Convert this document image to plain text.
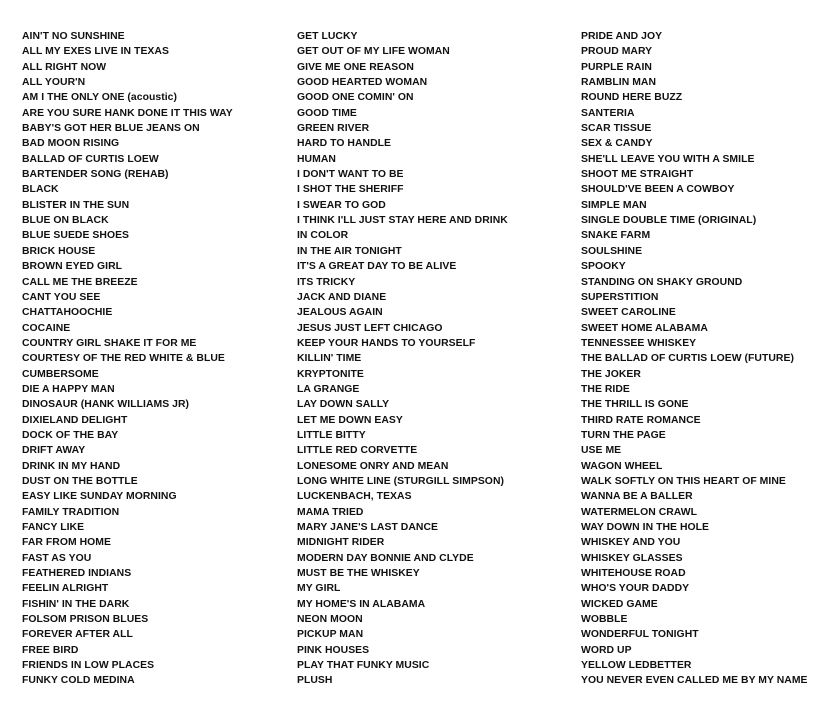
AIN'T NO SUNSHINE
ALL MY EXES LIVE IN TEXAS
ALL RIGHT NOW
ALL YOUR'N
AM I THE ONLY ONE (acoustic)
ARE YOU SURE HANK DONE IT THIS WAY
BABY'S GOT HER BLUE JEANS ON
BAD MOON RISING
BALLAD OF CURTIS LOEW
BARTENDER SONG (REHAB)
BLACK
BLISTER IN THE SUN
BLUE ON BLACK
BLUE SUEDE SHOES
BRICK HOUSE
BROWN EYED GIRL
CALL ME THE BREEZE
CANT YOU SEE
CHATTAHOOCHIE
COCAINE
COUNTRY GIRL SHAKE IT FOR ME
COURTESY OF THE RED WHITE & BLUE
CUMBERSOME
DIE A HAPPY MAN
DINOSAUR (HANK WILLIAMS JR)
DIXIELAND DELIGHT
DOCK OF THE BAY
DRIFT AWAY
DRINK IN MY HAND
DUST ON THE BOTTLE
EASY LIKE SUNDAY MORNING
FAMILY TRADITION
FANCY LIKE
FAR FROM HOME
FAST AS YOU
FEATHERED INDIANS
FEELIN ALRIGHT
FISHIN' IN THE DARK
FOLSOM PRISON BLUES
FOREVER AFTER ALL
FREE BIRD
FRIENDS IN LOW PLACES
FUNKY COLD MEDINA
GET LUCKY
GET OUT OF MY LIFE WOMAN
GIVE ME ONE REASON
GOOD HEARTED WOMAN
GOOD ONE COMIN' ON
GOOD TIME
GREEN RIVER
HARD TO HANDLE
HUMAN
I DON'T WANT TO BE
I SHOT THE SHERIFF
I SWEAR TO GOD
I THINK I'LL JUST STAY HERE AND DRINK
IN COLOR
IN THE AIR TONIGHT
IT'S A GREAT DAY TO BE ALIVE
ITS TRICKY
JACK AND DIANE
JEALOUS AGAIN
JESUS JUST LEFT CHICAGO
KEEP YOUR HANDS TO YOURSELF
KILLIN' TIME
KRYPTONITE
LA GRANGE
LAY DOWN SALLY
LET ME DOWN EASY
LITTLE BITTY
LITTLE RED CORVETTE
LONESOME ONRY AND MEAN
LONG WHITE LINE (STURGILL SIMPSON)
LUCKENBACH, TEXAS
MAMA TRIED
MARY JANE'S LAST DANCE
MIDNIGHT RIDER
MODERN DAY BONNIE AND CLYDE
MUST BE THE WHISKEY
MY GIRL
MY HOME'S IN ALABAMA
NEON MOON
PICKUP MAN
PINK HOUSES
PLAY THAT FUNKY MUSIC
PLUSH
PRIDE AND JOY
PROUD MARY
PURPLE RAIN
RAMBLIN MAN
ROUND HERE BUZZ
SANTERIA
SCAR TISSUE
SEX & CANDY
SHE'LL LEAVE YOU WITH A SMILE
SHOOT ME STRAIGHT
SHOULD'VE BEEN A COWBOY
SIMPLE MAN
SINGLE DOUBLE TIME (ORIGINAL)
SNAKE FARM
SOULSHINE
SPOOKY
STANDING ON SHAKY GROUND
SUPERSTITION
SWEET CAROLINE
SWEET HOME ALABAMA
TENNESSEE WHISKEY
THE BALLAD OF CURTIS LOEW (FUTURE)
THE JOKER
THE RIDE
THE THRILL IS GONE
THIRD RATE ROMANCE
TURN THE PAGE
USE ME
WAGON WHEEL
WALK SOFTLY ON THIS HEART OF MINE
WANNA BE A BALLER
WATERMELON CRAWL
WAY DOWN IN THE HOLE
WHISKEY AND YOU
WHISKEY GLASSES
WHITEHOUSE ROAD
WHO'S YOUR DADDY
WICKED GAME
WOBBLE
WONDERFUL TONIGHT
WORD UP
YELLOW LEDBETTER
YOU NEVER EVEN CALLED ME BY MY NAME
